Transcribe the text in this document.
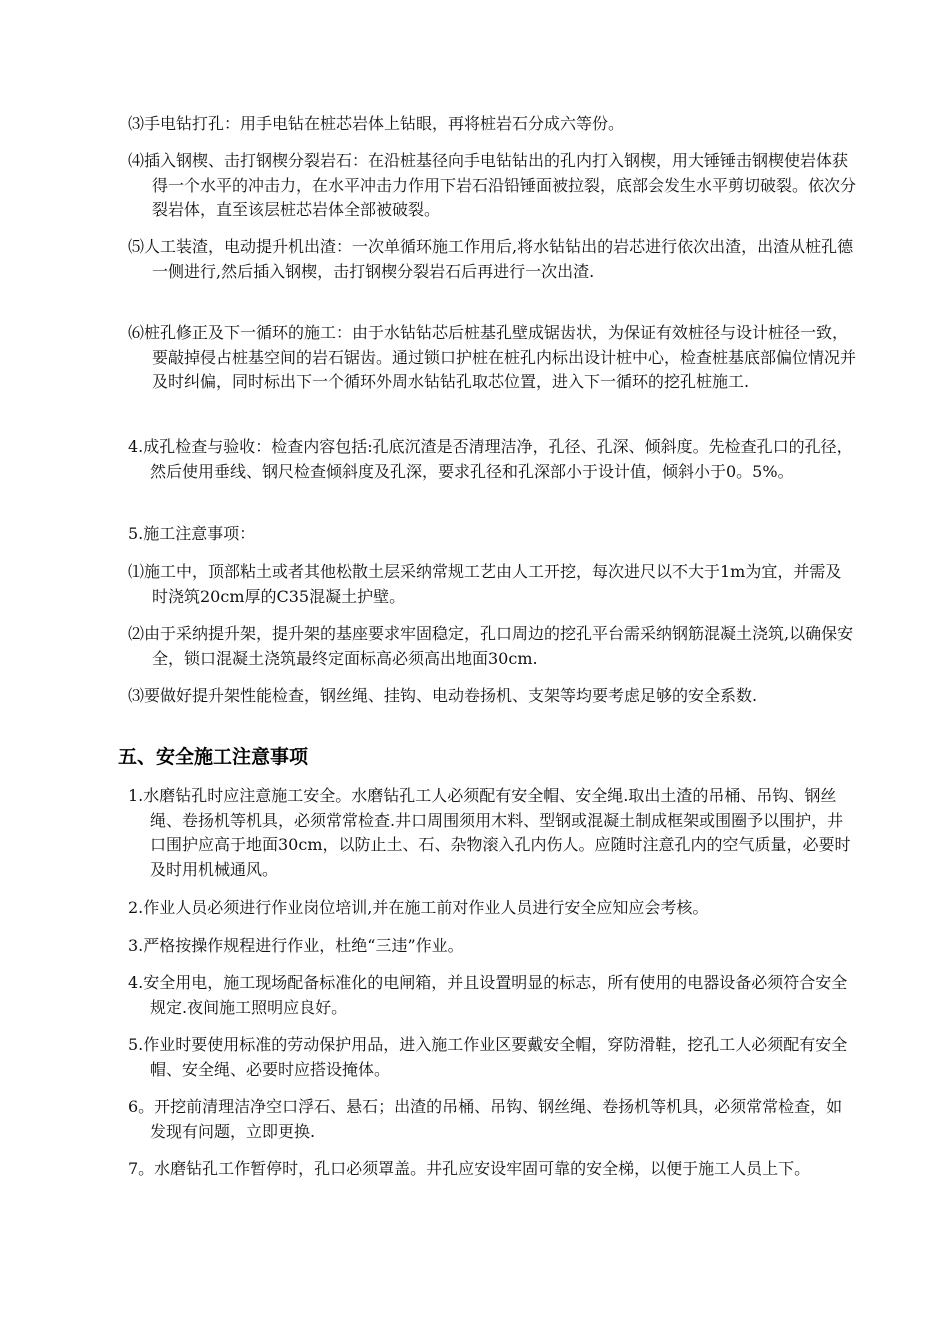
⑶手电钻打孔：用手电钻在桩芯岩体上钻眼，再将桩岩石分成六等份。

⑷插入钢楔、击打钢楔分裂岩石：在沿桩基径向手电钻钻出的孔内打入钢楔，用大锤锤击钢楔使岩体获得一个水平的冲击力，在水平冲击力作用下岩石沿铅锤面被拉裂，底部会发生水平剪切破裂。依次分裂岩体，直至该层桩芯岩体全部被破裂。

⑸人工装渣，电动提升机出渣：一次单循环施工作用后,将水钻钻出的岩芯进行依次出渣，出渣从桩孔德一侧进行,然后插入钢楔，击打钢楔分裂岩石后再进行一次出渣.

⑹桩孔修正及下一循环的施工：由于水钻钻芯后桩基孔壁成锯齿状，为保证有效桩径与设计桩径一致，要敲掉侵占桩基空间的岩石锯齿。通过锁口护桩在桩孔内标出设计桩中心，检查桩基底部偏位情况并及时纠偏，同时标出下一个循环外周水钻钻孔取芯位置，进入下一循环的挖孔桩施工.

4.成孔检查与验收：检查内容包括:孔底沉渣是否清理洁净，孔径、孔深、倾斜度。先检查孔口的孔径，然后使用垂线、钢尺检查倾斜度及孔深，要求孔径和孔深部小于设计值，倾斜小于0。5%。

5.施工注意事项：

⑴施工中，顶部粘土或者其他松散土层采纳常规工艺由人工开挖，每次进尺以不大于1m为宜，并需及时浇筑20cm厚的C35混凝土护壁。

⑵由于采纳提升架，提升架的基座要求牢固稳定，孔口周边的挖孔平台需采纳钢筋混凝土浇筑,以确保安全，锁口混凝土浇筑最终定面标高必须高出地面30cm.

⑶要做好提升架性能检查，钢丝绳、挂钩、电动卷扬机、支架等均要考虑足够的安全系数.

五、安全施工注意事项

1.水磨钻孔时应注意施工安全。水磨钻孔工人必须配有安全帽、安全绳.取出土渣的吊桶、吊钩、钢丝绳、卷扬机等机具，必须常常检查.井口周围须用木料、型钢或混凝土制成框架或围圈予以围护，井口围护应高于地面30cm，以防止土、石、杂物滚入孔内伤人。应随时注意孔内的空气质量，必要时及时用机械通风。

2.作业人员必须进行作业岗位培训,并在施工前对作业人员进行安全应知应会考核。

3.严格按操作规程进行作业，杜绝“三违”作业。

4.安全用电，施工现场配备标准化的电闸箱，并且设置明显的标志，所有使用的电器设备必须符合安全规定.夜间施工照明应良好。

5.作业时要使用标准的劳动保护用品，进入施工作业区要戴安全帽，穿防滑鞋，挖孔工人必须配有安全帽、安全绳、必要时应搭设掩体。

6。开挖前清理洁净空口浮石、悬石；出渣的吊桶、吊钩、钢丝绳、卷扬机等机具，必须常常检查，如发现有问题，立即更换.

7。水磨钻孔工作暂停时，孔口必须罩盖。井孔应安设牢固可靠的安全梯，以便于施工人员上下。
